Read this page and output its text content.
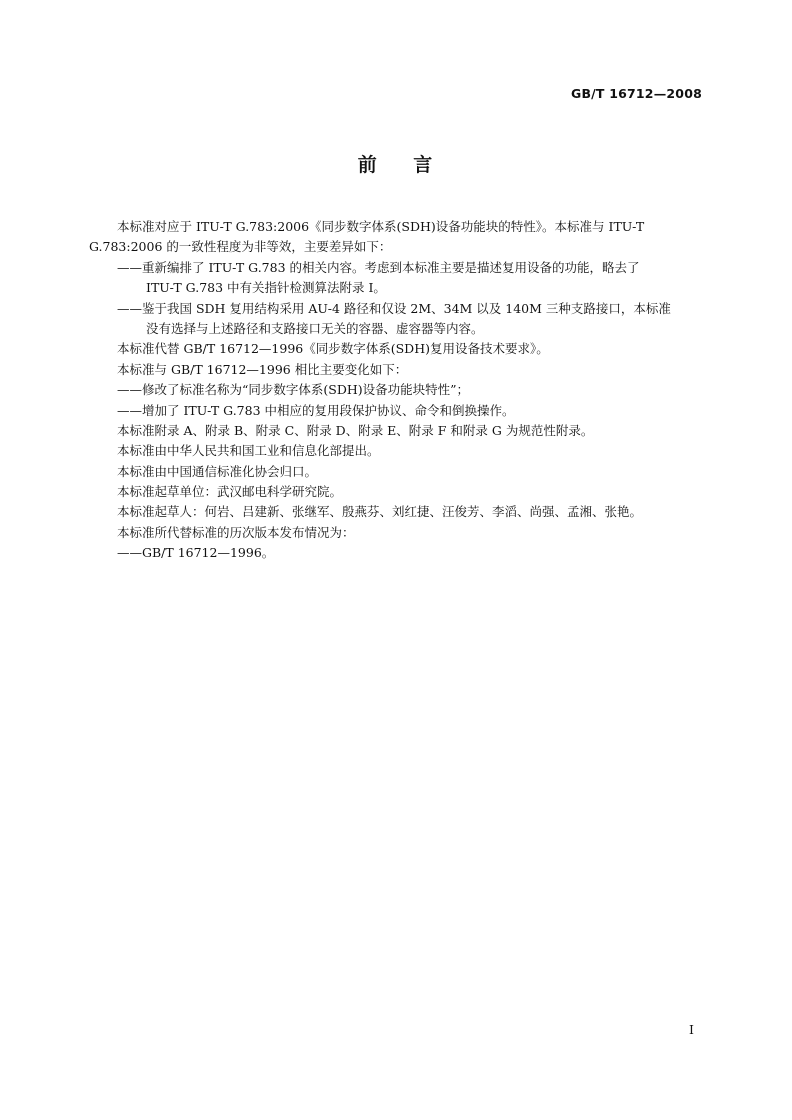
GB/T 16712—2008
前    言
本标准对应于 ITU-T G.783:2006《同步数字体系(SDH)设备功能块的特性》。本标准与 ITU-T
G.783:2006 的一致性程度为非等效，主要差异如下：
——重新编排了 ITU-T G.783 的相关内容。考虑到本标准主要是描述复用设备的功能，略去了
ITU-T G.783 中有关指针检测算法附录 I。
——鉴于我国 SDH 复用结构采用 AU-4 路径和仅设 2M、34M 以及 140M 三种支路接口，本标准
没有选择与上述路径和支路接口无关的容器、虚容器等内容。
本标准代替 GB/T 16712—1996《同步数字体系(SDH)复用设备技术要求》。
本标准与 GB/T 16712—1996 相比主要变化如下：
——修改了标准名称为“同步数字体系(SDH)设备功能块特性”；
——增加了 ITU-T G.783 中相应的复用段保护协议、命令和倒换操作。
本标准附录 A、附录 B、附录 C、附录 D、附录 E、附录 F 和附录 G 为规范性附录。
本标准由中华人民共和国工业和信息化部提出。
本标准由中国通信标准化协会归口。
本标准起草单位：武汉邮电科学研究院。
本标准起草人：何岩、吕建新、张继军、殷燕芬、刘红捷、汪俊芳、李滔、尚强、孟湘、张艳。
本标准所代替标准的历次版本发布情况为：
——GB/T 16712—1996。
I
